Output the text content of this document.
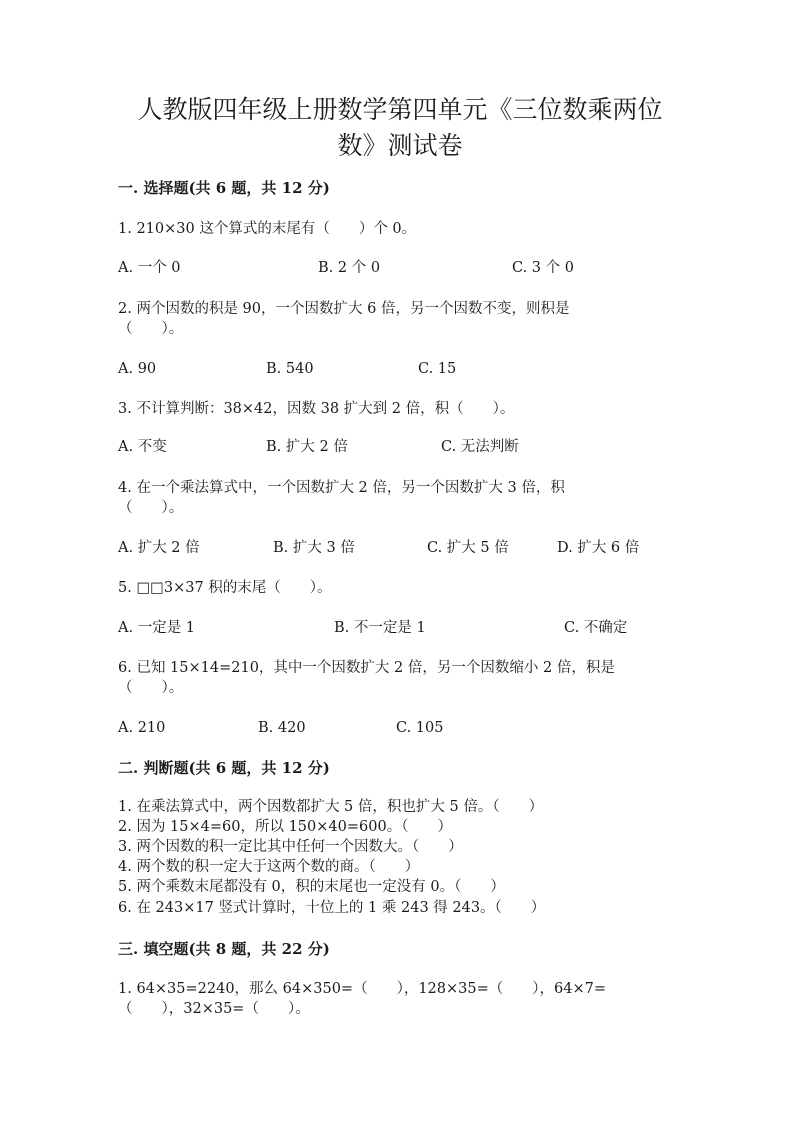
人教版四年级上册数学第四单元《三位数乘两位
数》测试卷
一. 选择题(共 6 题，共 12 分)
1. 210×30 这个算式的末尾有（　　）个 0。
A. 一个 0	B. 2 个 0	C. 3 个 0
2. 两个因数的积是 90，一个因数扩大 6 倍，另一个因数不变，则积是
（　　）。
A. 90	B. 540	C. 15
3. 不计算判断：38×42，因数 38 扩大到 2 倍，积（　　）。
A. 不变	B. 扩大 2 倍	C. 无法判断
4. 在一个乘法算式中，一个因数扩大 2 倍，另一个因数扩大 3 倍，积
（　　）。
A. 扩大 2 倍	B. 扩大 3 倍	C. 扩大 5 倍	D. 扩大 6 倍
5. □□3×37 积的末尾（　　）。
A. 一定是 1	B. 不一定是 1	C. 不确定
6. 已知 15×14=210，其中一个因数扩大 2 倍，另一个因数缩小 2 倍，积是
（　　）。
A. 210	B. 420	C. 105
二. 判断题(共 6 题，共 12 分)
1. 在乘法算式中，两个因数都扩大 5 倍，积也扩大 5 倍。（　　）
2. 因为 15×4=60，所以 150×40=600。（　　）
3. 两个因数的积一定比其中任何一个因数大。（　　）
4. 两个数的积一定大于这两个数的商。（　　）
5. 两个乘数末尾都没有 0，积的末尾也一定没有 0。（　　）
6. 在 243×17 竖式计算时，十位上的 1 乘 243 得 243。（　　）
三. 填空题(共 8 题，共 22 分)
1. 64×35=2240，那么 64×350=（　　），128×35=（　　），64×7=
（　　），32×35=（　　）。
